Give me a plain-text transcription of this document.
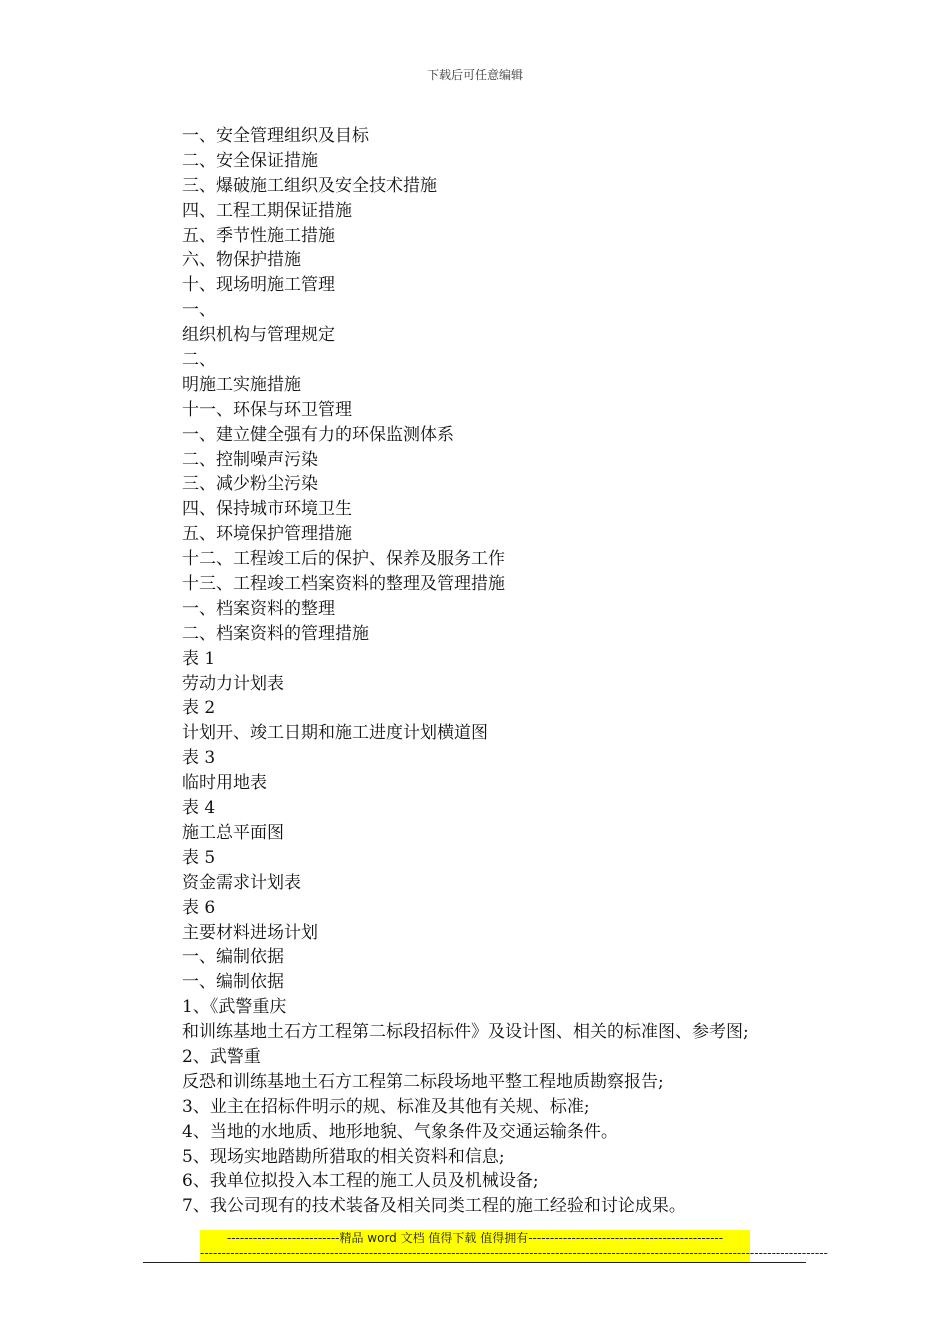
下载后可任意编辑
一、安全管理组织及目标
二、安全保证措施
三、爆破施工组织及安全技术措施
四、工程工期保证措施
五、季节性施工措施
六、物保护措施
十、现场明施工管理
一、
组织机构与管理规定
二、
明施工实施措施
十一、环保与环卫管理
一、建立健全强有力的环保监测体系
二、控制噪声污染
三、减少粉尘污染
四、保持城市环境卫生
五、环境保护管理措施
十二、工程竣工后的保护、保养及服务工作
十三、工程竣工档案资料的整理及管理措施
一、档案资料的整理
二、档案资料的管理措施
表 1
劳动力计划表
表 2
计划开、竣工日期和施工进度计划横道图
表 3
临时用地表
表 4
施工总平面图
表 5
资金需求计划表
表 6
主要材料进场计划
一、编制依据
一、编制依据
1、《武警重庆
和训练基地土石方工程第二标段招标件》及设计图、相关的标准图、参考图;
2、武警重
反恐和训练基地土石方工程第二标段场地平整工程地质勘察报告;
3、业主在招标件明示的规、标准及其他有关规、标准;
4、当地的水地质、地形地貌、气象条件及交通运输条件。
5、现场实地踏勘所猎取的相关资料和信息;
6、我单位拟投入本工程的施工人员及机械设备;
7、我公司现有的技术装备及相关同类工程的施工经验和讨论成果。
--------------------------精品 word 文档 值得下载 值得拥有---------------------------------------------
-------------------------------------------------------------------------------------------------------------------------------------------------
